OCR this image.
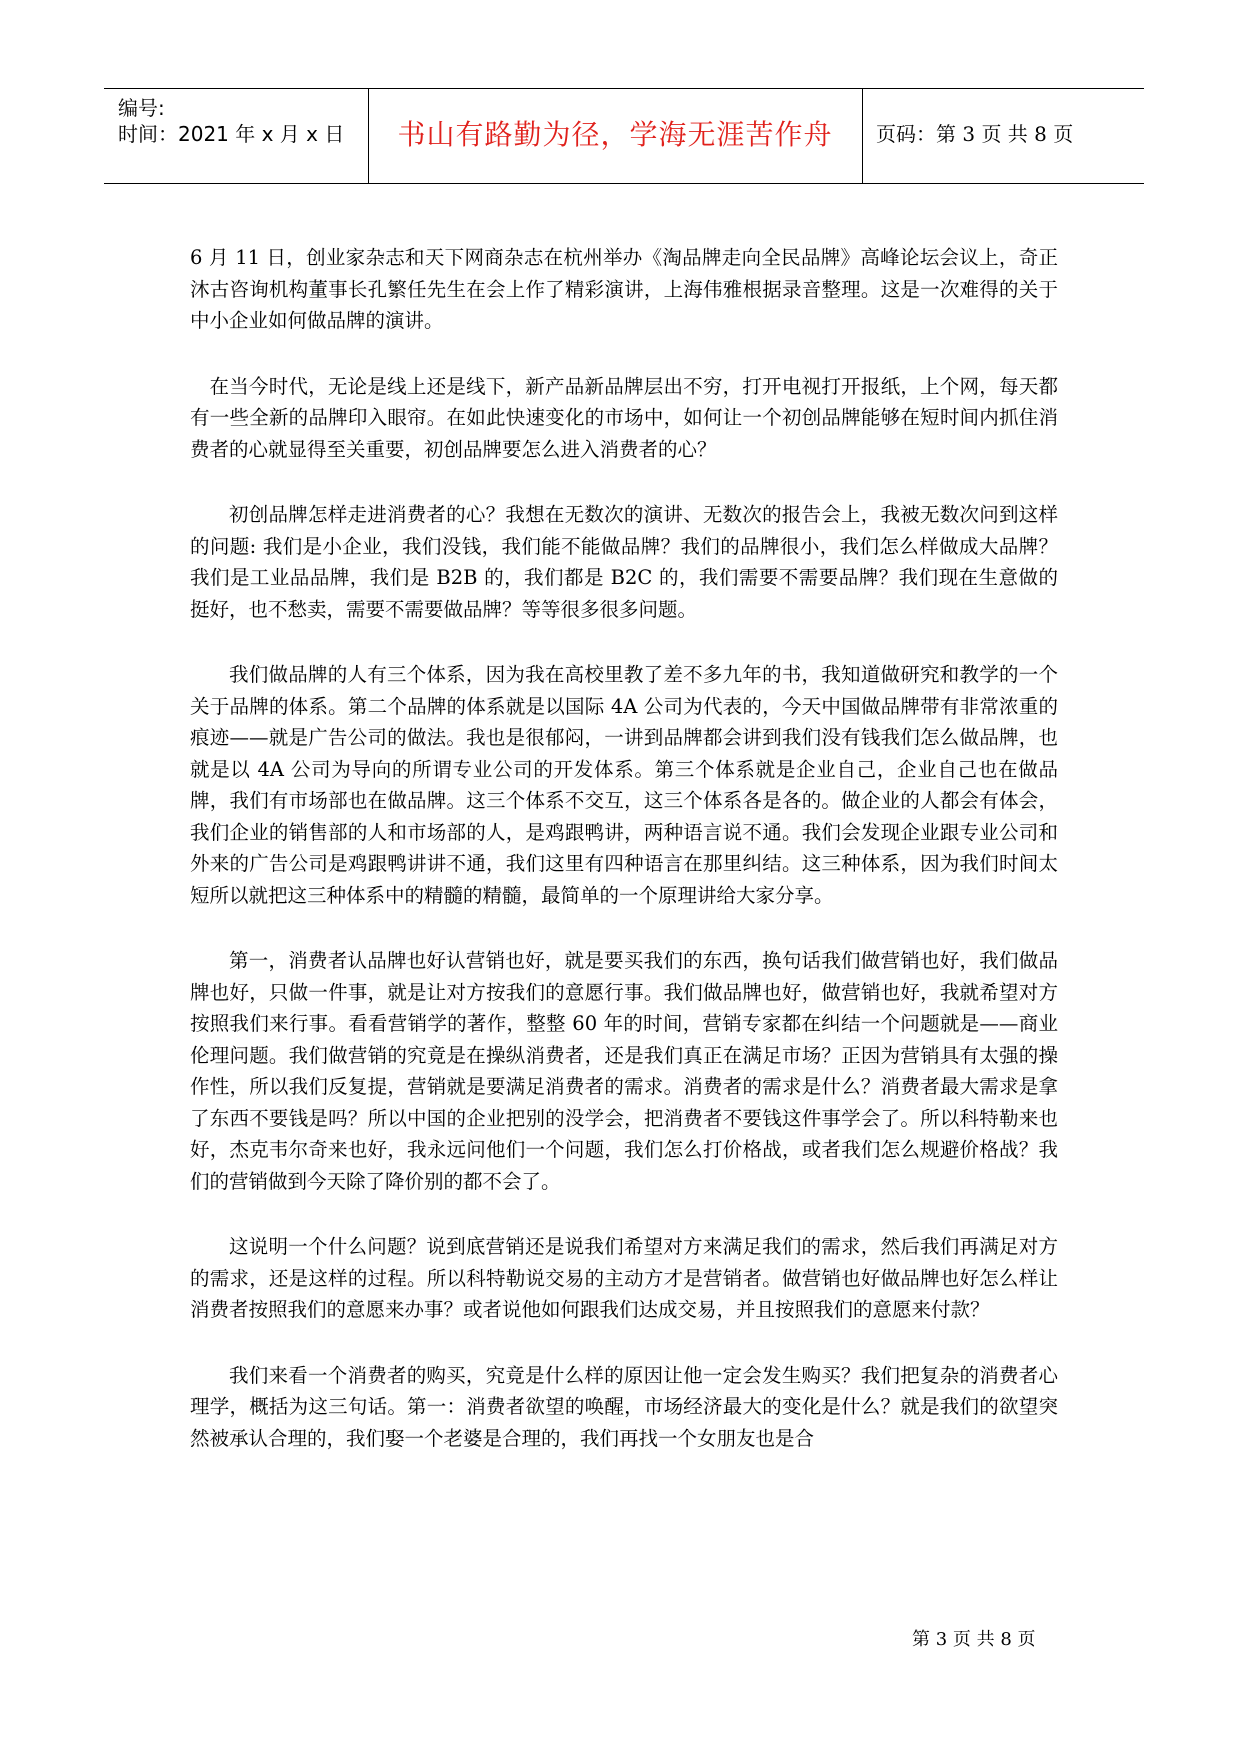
编号:
时间：2021 年 x 月 x 日	书山有路勤为径，学海无涯苦作舟	页码：第 3 页 共 8 页

6 月 11 日，创业家杂志和天下网商杂志在杭州举办《淘品牌走向全民品牌》高峰论坛会议上，奇正沐古咨询机构董事长孔繁任先生在会上作了精彩演讲，上海伟雅根据录音整理。这是一次难得的关于中小企业如何做品牌的演讲。

在当今时代，无论是线上还是线下，新产品新品牌层出不穷，打开电视打开报纸，上个网，每天都有一些全新的品牌印入眼帘。在如此快速变化的市场中，如何让一个初创品牌能够在短时间内抓住消费者的心就显得至关重要，初创品牌要怎么进入消费者的心？

初创品牌怎样走进消费者的心？我想在无数次的演讲、无数次的报告会上，我被无数次问到这样的问题: 我们是小企业，我们没钱，我们能不能做品牌？我们的品牌很小，我们怎么样做成大品牌？我们是工业品品牌，我们是 B2B 的，我们都是 B2C 的，我们需要不需要品牌？我们现在生意做的挺好，也不愁卖，需要不需要做品牌？等等很多很多问题。

我们做品牌的人有三个体系，因为我在高校里教了差不多九年的书，我知道做研究和教学的一个关于品牌的体系。第二个品牌的体系就是以国际 4A 公司为代表的，今天中国做品牌带有非常浓重的痕迹——就是广告公司的做法。我也是很郁闷，一讲到品牌都会讲到我们没有钱我们怎么做品牌，也就是以 4A 公司为导向的所谓专业公司的开发体系。第三个体系就是企业自己，企业自己也在做品牌，我们有市场部也在做品牌。这三个体系不交互，这三个体系各是各的。做企业的人都会有体会，我们企业的销售部的人和市场部的人，是鸡跟鸭讲，两种语言说不通。我们会发现企业跟专业公司和外来的广告公司是鸡跟鸭讲讲不通，我们这里有四种语言在那里纠结。这三种体系，因为我们时间太短所以就把这三种体系中的精髓的精髓，最简单的一个原理讲给大家分享。

第一，消费者认品牌也好认营销也好，就是要买我们的东西，换句话我们做营销也好，我们做品牌也好，只做一件事，就是让对方按我们的意愿行事。我们做品牌也好，做营销也好，我就希望对方按照我们来行事。看看营销学的著作，整整 60 年的时间，营销专家都在纠结一个问题就是——商业伦理问题。我们做营销的究竟是在操纵消费者，还是我们真正在满足市场？正因为营销具有太强的操作性，所以我们反复提，营销就是要满足消费者的需求。消费者的需求是什么？消费者最大需求是拿了东西不要钱是吗？所以中国的企业把别的没学会，把消费者不要钱这件事学会了。所以科特勒来也好，杰克韦尔奇来也好，我永远问他们一个问题，我们怎么打价格战，或者我们怎么规避价格战？我们的营销做到今天除了降价别的都不会了。

这说明一个什么问题？说到底营销还是说我们希望对方来满足我们的需求，然后我们再满足对方的需求，还是这样的过程。所以科特勒说交易的主动方才是营销者。做营销也好做品牌也好怎么样让消费者按照我们的意愿来办事？或者说他如何跟我们达成交易，并且按照我们的意愿来付款？

我们来看一个消费者的购买，究竟是什么样的原因让他一定会发生购买？我们把复杂的消费者心理学，概括为这三句话。第一：消费者欲望的唤醒，市场经济最大的变化是什么？就是我们的欲望突然被承认合理的，我们娶一个老婆是合理的，我们再找一个女朋友也是合

第 3 页 共 8 页
